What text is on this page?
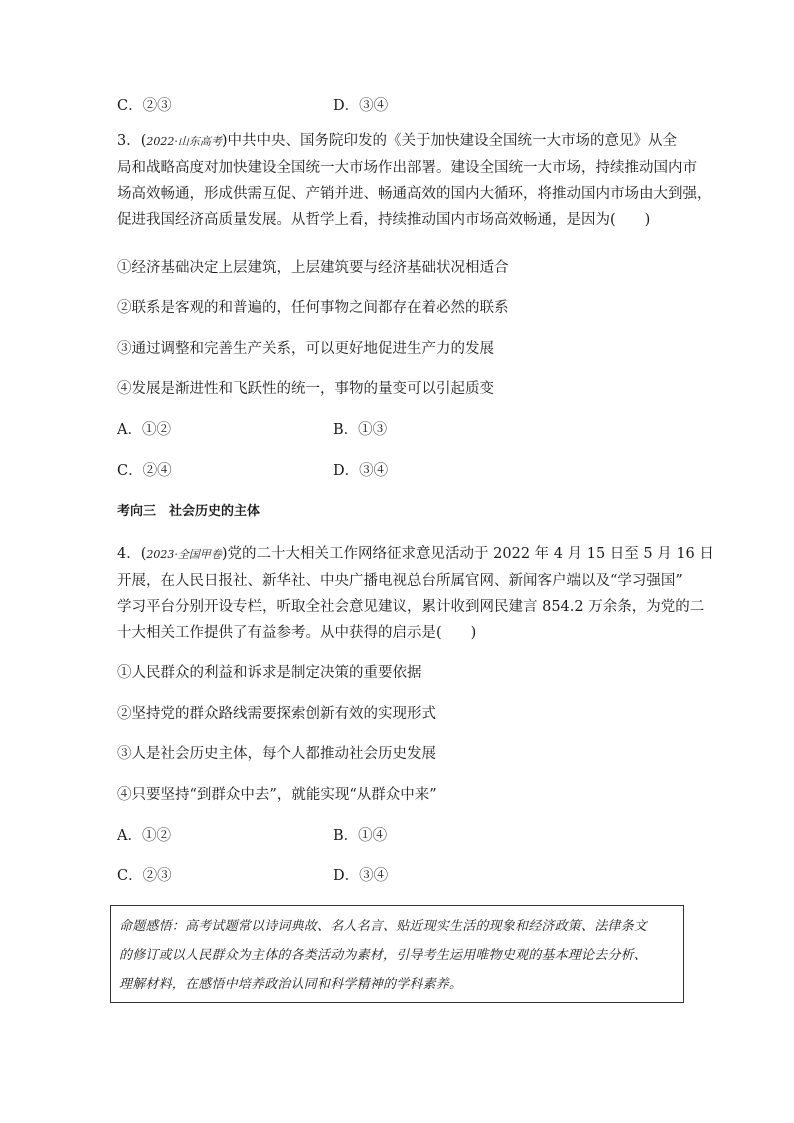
C．②③	D．③④
3．(2022·山东高考)中共中央、国务院印发的《关于加快建设全国统一大市场的意见》从全
局和战略高度对加快建设全国统一大市场作出部署。建设全国统一大市场，持续推动国内市
场高效畅通，形成供需互促、产销并进、畅通高效的国内大循环，将推动国内市场由大到强，
促进我国经济高质量发展。从哲学上看，持续推动国内市场高效畅通，是因为(　　)
①经济基础决定上层建筑，上层建筑要与经济基础状况相适合
②联系是客观的和普遍的，任何事物之间都存在着必然的联系
③通过调整和完善生产关系，可以更好地促进生产力的发展
④发展是渐进性和飞跃性的统一，事物的量变可以引起质变
A．①②	B．①③
C．②④	D．③④
考向三　社会历史的主体
4．(2023·全国甲卷)党的二十大相关工作网络征求意见活动于 2022 年 4 月 15 日至 5 月 16 日
开展，在人民日报社、新华社、中央广播电视总台所属官网、新闻客户端以及“学习强国”
学习平台分别开设专栏，听取全社会意见建议，累计收到网民建言 854.2 万余条，为党的二
十大相关工作提供了有益参考。从中获得的启示是(　　)
①人民群众的利益和诉求是制定决策的重要依据
②坚持党的群众路线需要探索创新有效的实现形式
③人是社会历史主体，每个人都推动社会历史发展
④只要坚持“到群众中去”，就能实现“从群众中来”
A．①②	B．①④
C．②③	D．③④
命题感悟：高考试题常以诗词典故、名人名言、贴近现实生活的现象和经济政策、法律条文
的修订或以人民群众为主体的各类活动为素材，引导考生运用唯物史观的基本理论去分析、
理解材料，在感悟中培养政治认同和科学精神的学科素养。
